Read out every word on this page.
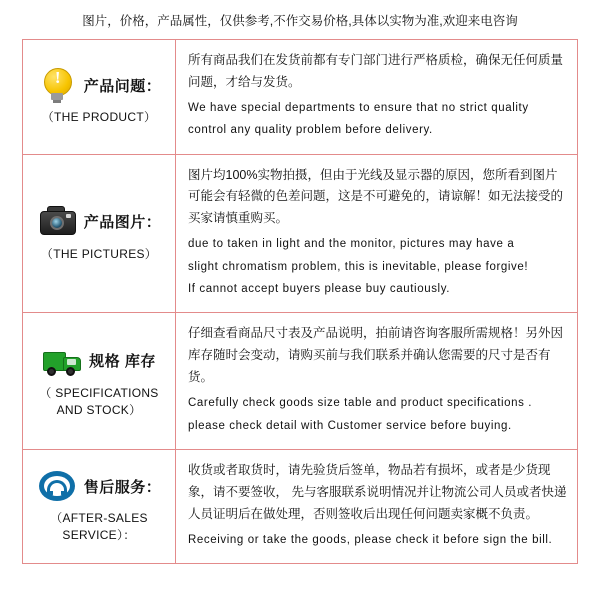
图片，价格，产品属性，仅供参考,不作交易价格,具体以实物为准,欢迎来电咨询
!
产品问题：
（THE PRODUCT）

所有商品我们在发货前都有专门部门进行严格质检，确保无任何质量问题，才给与发货。
We have special departments to ensure that no strict quality
control any quality problem before delivery.

产品图片：
（THE PICTURES）

图片均100%实物拍摄，但由于光线及显示器的原因，您所看到图片可能会有轻微的色差问题，这是不可避免的，请谅解！如无法接受的买家请慎重购买。
due to taken in light and the monitor, pictures may have a
slight chromatism problem, this is inevitable, please forgive!
If cannot accept buyers please buy cautiously.

规格 库存
（ SPECIFICATIONS AND STOCK）

仔细查看商品尺寸表及产品说明，拍前请咨询客服所需规格！另外因库存随时会变动，请购买前与我们联系并确认您需要的尺寸是否有货。
Carefully check goods size table and product specifications .
please check detail with Customer service before buying.

售后服务：
（AFTER-SALES SERVICE）：

收货或者取货时，请先验货后签单，物品若有损坏，或者是少货现象，请不要签收， 先与客服联系说明情况并让物流公司人员或者快递人员证明后在做处理，否则签收后出现任何问题卖家概不负责。
Receiving or take the goods, please check it before sign the bill.
